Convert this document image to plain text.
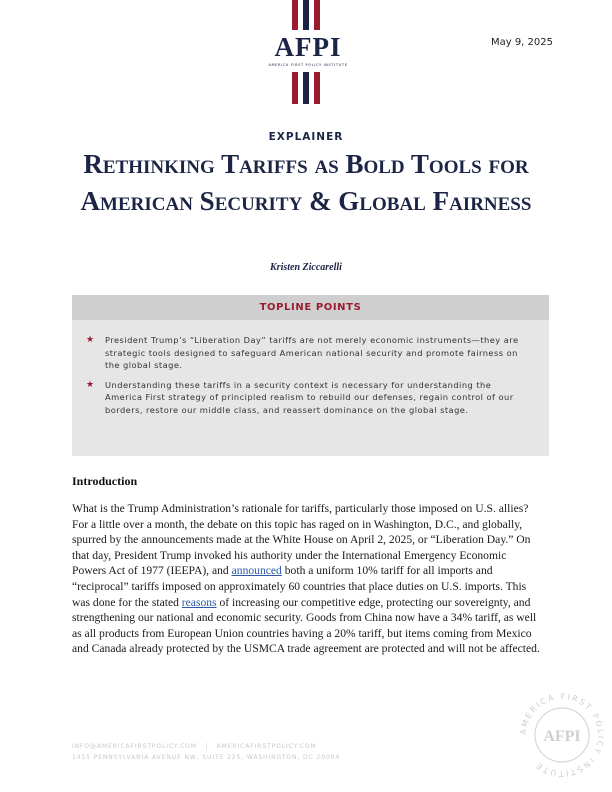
AFPI
AMERICA FIRST POLICY INSTITUTE
May 9, 2025
EXPLAINER
Rethinking Tariffs as Bold Tools for American Security & Global Fairness
Kristen Ziccarelli
TOPLINE POINTS
★ President Trump’s “Liberation Day” tariffs are not merely economic instruments—they are strategic tools designed to safeguard American national security and promote fairness on the global stage.
★ Understanding these tariffs in a security context is necessary for understanding the America First strategy of principled realism to rebuild our defenses, regain control of our borders, restore our middle class, and reassert dominance on the global stage.
Introduction

What is the Trump Administration’s rationale for tariffs, particularly those imposed on U.S. allies? For a little over a month, the debate on this topic has raged on in Washington, D.C., and globally, spurred by the announcements made at the White House on April 2, 2025, or “Liberation Day.” On that day, President Trump invoked his authority under the International Emergency Economic Powers Act of 1977 (IEEPA), and announced both a uniform 10% tariff for all imports and “reciprocal” tariffs imposed on approximately 60 countries that place duties on U.S. imports. This was done for the stated reasons of increasing our competitive edge, protecting our sovereignty, and strengthening our national and economic security. Goods from China now have a 34% tariff, as well as all products from European Union countries having a 20% tariff, but items coming from Mexico and Canada already protected by the USMCA trade agreement are protected and will not be affected.

INFO@AMERICAFIRSTPOLICY.COM | AMERICAFIRSTPOLICY.COM
1455 PENNSYLVANIA AVENUE NW, SUITE 225, WASHINGTON, DC 20004
AMERICA FIRST POLICY INSTITUTE
AFPI
